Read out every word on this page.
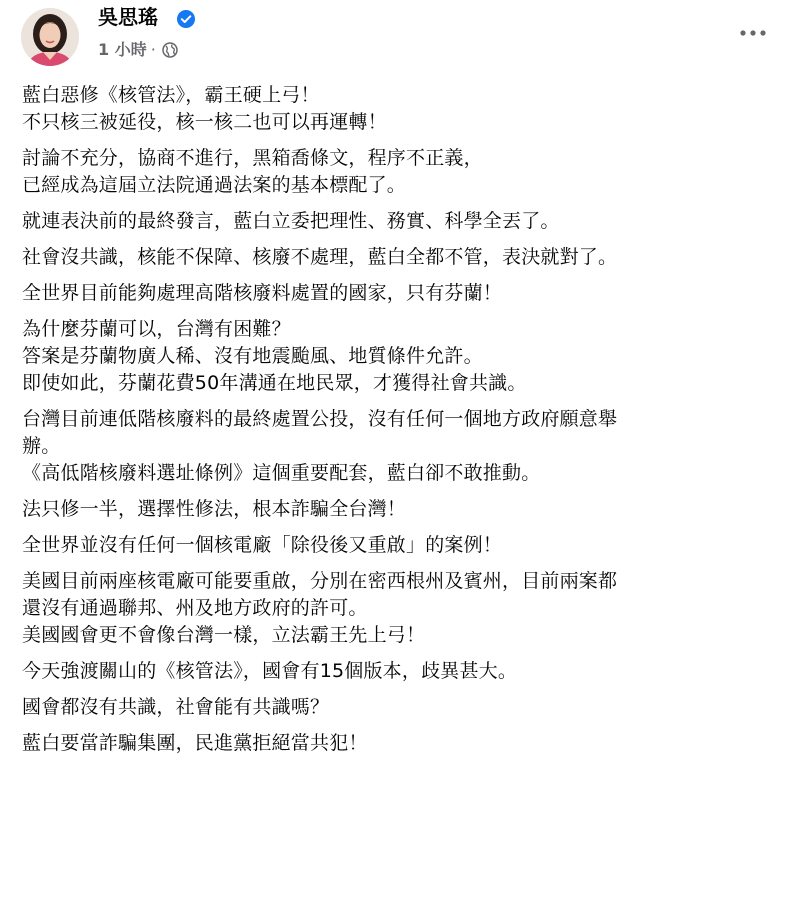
吳思瑤
1 小時 ·

藍白惡修《核管法》，霸王硬上弓！
不只核三被延役，核一核二也可以再運轉！

討論不充分，協商不進行，黑箱喬條文，程序不正義，
已經成為這屆立法院通過法案的基本標配了。

就連表決前的最終發言，藍白立委把理性、務實、科學全丟了。

社會沒共識，核能不保障、核廢不處理，藍白全都不管，表決就對了。

全世界目前能夠處理高階核廢料處置的國家，只有芬蘭！

為什麼芬蘭可以，台灣有困難？
答案是芬蘭物廣人稀、沒有地震颱風、地質條件允許。
即使如此，芬蘭花費50年溝通在地民眾，才獲得社會共識。

台灣目前連低階核廢料的最終處置公投，沒有任何一個地方政府願意舉
辦。
《高低階核廢料選址條例》這個重要配套，藍白卻不敢推動。

法只修一半，選擇性修法，根本詐騙全台灣！

全世界並沒有任何一個核電廠「除役後又重啟」的案例！

美國目前兩座核電廠可能要重啟，分別在密西根州及賓州，目前兩案都
還沒有通過聯邦、州及地方政府的許可。
美國國會更不會像台灣一樣，立法霸王先上弓！

今天強渡關山的《核管法》，國會有15個版本，歧異甚大。

國會都沒有共識，社會能有共識嗎？

藍白要當詐騙集團，民進黨拒絕當共犯！
